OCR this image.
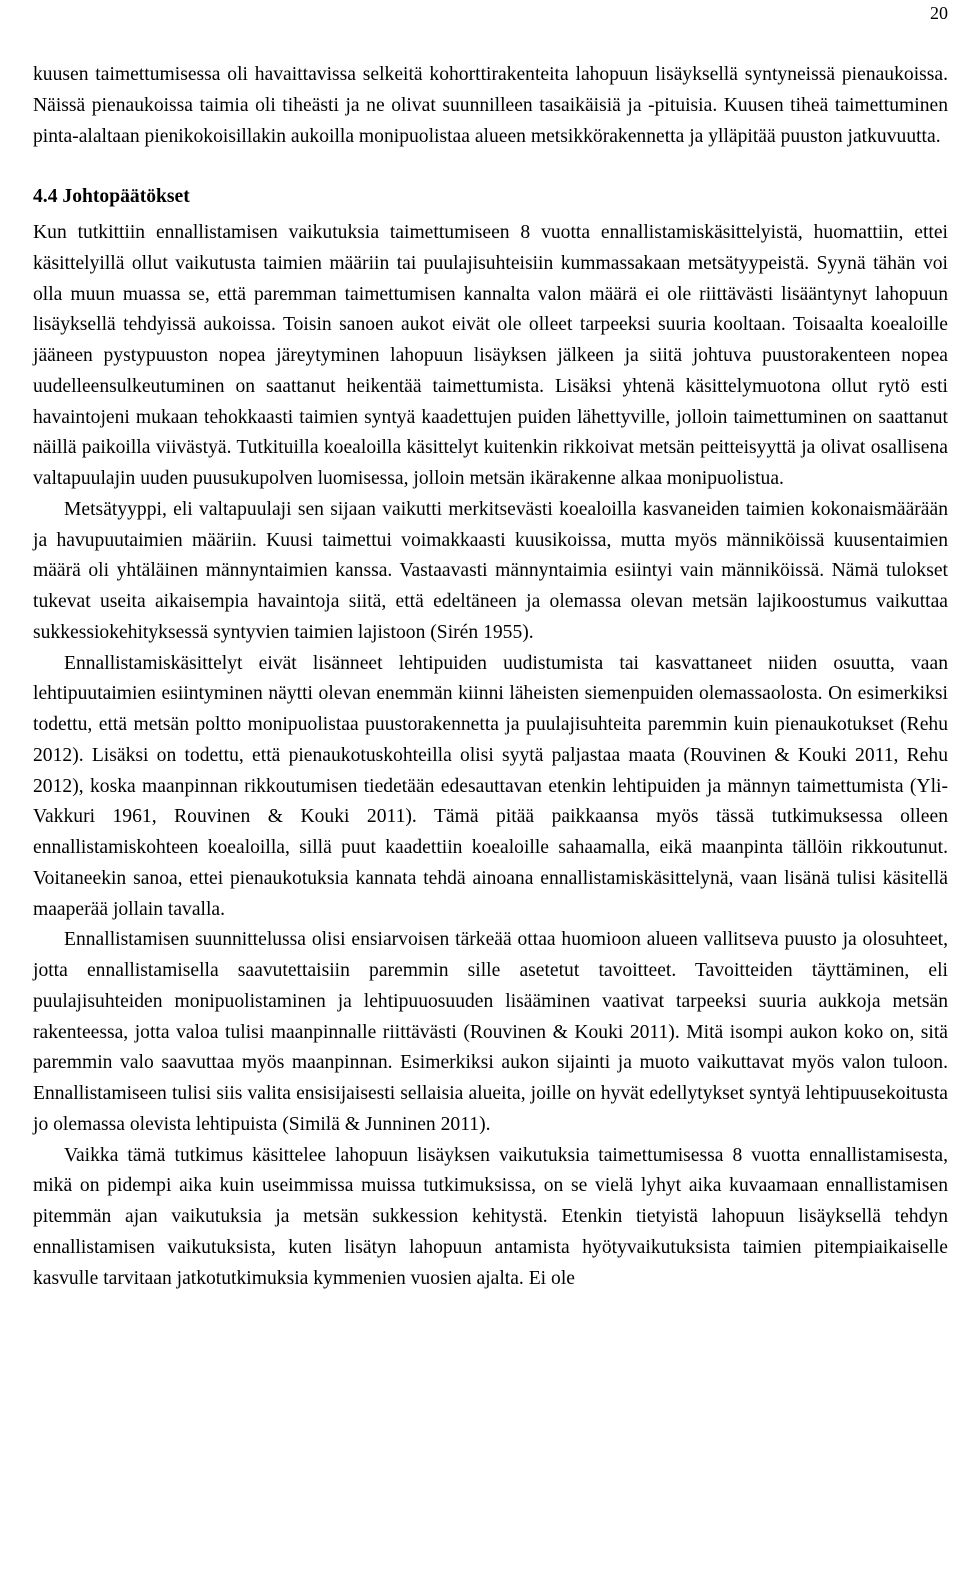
20

kuusen taimettumisessa oli havaittavissa selkeitä kohorttirakenteita lahopuun lisäyksellä syntyneissä pienaukoissa. Näissä pienaukoissa taimia oli tiheästi ja ne olivat suunnilleen tasaikäisiä ja -pituisia. Kuusen tiheä taimettuminen pinta-alaltaan pienikokoisillakin aukoilla monipuolistaa alueen metsikkörakennetta ja ylläpitää puuston jatkuvuutta.

4.4 Johtopäätökset

Kun tutkittiin ennallistamisen vaikutuksia taimettumiseen 8 vuotta ennallistamiskäsittelyistä, huomattiin, ettei käsittelyillä ollut vaikutusta taimien määriin tai puulajisuhteisiin kummassakaan metsätyypeistä. Syynä tähän voi olla muun muassa se, että paremman taimettumisen kannalta valon määrä ei ole riittävästi lisääntynyt lahopuun lisäyksellä tehdyissä aukoissa. Toisin sanoen aukot eivät ole olleet tarpeeksi suuria kooltaan. Toisaalta koealoille jääneen pystypuuston nopea järeytyminen lahopuun lisäyksen jälkeen ja siitä johtuva puustorakenteen nopea uudelleensulkeutuminen on saattanut heikentää taimettumista. Lisäksi yhtenä käsittelymuotona ollut rytö esti havaintojeni mukaan tehokkaasti taimien syntyä kaadettujen puiden lähettyville, jolloin taimettuminen on saattanut näillä paikoilla viivästyä. Tutkituilla koealoilla käsittelyt kuitenkin rikkoivat metsän peitteisyyttä ja olivat osallisena valtapuulajin uuden puusukupolven luomisessa, jolloin metsän ikärakenne alkaa monipuolistua.

Metsätyyppi, eli valtapuulaji sen sijaan vaikutti merkitsevästi koealoilla kasvaneiden taimien kokonaismäärään ja havupuutaimien määriin. Kuusi taimettui voimakkaasti kuusikoissa, mutta myös männiköissä kuusentaimien määrä oli yhtäläinen männyntaimien kanssa. Vastaavasti männyntaimia esiintyi vain männiköissä. Nämä tulokset tukevat useita aikaisempia havaintoja siitä, että edeltäneen ja olemassa olevan metsän lajikoostumus vaikuttaa sukkessiokehityksessä syntyvien taimien lajistoon (Sirén 1955).

Ennallistamiskäsittelyt eivät lisänneet lehtipuiden uudistumista tai kasvattaneet niiden osuutta, vaan lehtipuutaimien esiintyminen näytti olevan enemmän kiinni läheisten siemenpuiden olemassaolosta. On esimerkiksi todettu, että metsän poltto monipuolistaa puustorakennetta ja puulajisuhteita paremmin kuin pienaukotukset (Rehu 2012). Lisäksi on todettu, että pienaukotuskohteilla olisi syytä paljastaa maata (Rouvinen & Kouki 2011, Rehu 2012), koska maanpinnan rikkoutumisen tiedetään edesauttavan etenkin lehtipuiden ja männyn taimettumista (Yli-Vakkuri 1961, Rouvinen & Kouki 2011). Tämä pitää paikkaansa myös tässä tutkimuksessa olleen ennallistamiskohteen koealoilla, sillä puut kaadettiin koealoille sahaamalla, eikä maanpinta tällöin rikkoutunut. Voitaneekin sanoa, ettei pienaukotuksia kannata tehdä ainoana ennallistamiskäsittelynä, vaan lisänä tulisi käsitellä maaperää jollain tavalla.

Ennallistamisen suunnittelussa olisi ensiarvoisen tärkeää ottaa huomioon alueen vallitseva puusto ja olosuhteet, jotta ennallistamisella saavutettaisiin paremmin sille asetetut tavoitteet. Tavoitteiden täyttäminen, eli puulajisuhteiden monipuolistaminen ja lehtipuuosuuden lisääminen vaativat tarpeeksi suuria aukkoja metsän rakenteessa, jotta valoa tulisi maanpinnalle riittävästi (Rouvinen & Kouki 2011). Mitä isompi aukon koko on, sitä paremmin valo saavuttaa myös maanpinnan. Esimerkiksi aukon sijainti ja muoto vaikuttavat myös valon tuloon. Ennallistamiseen tulisi siis valita ensisijaisesti sellaisia alueita, joille on hyvät edellytykset syntyä lehtipuusekoitusta jo olemassa olevista lehtipuista (Similä & Junninen 2011).

Vaikka tämä tutkimus käsittelee lahopuun lisäyksen vaikutuksia taimettumisessa 8 vuotta ennallistamisesta, mikä on pidempi aika kuin useimmissa muissa tutkimuksissa, on se vielä lyhyt aika kuvaamaan ennallistamisen pitemmän ajan vaikutuksia ja metsän sukkession kehitystä. Etenkin tietyistä lahopuun lisäyksellä tehdyn ennallistamisen vaikutuksista, kuten lisätyn lahopuun antamista hyötyvaikutuksista taimien pitempiaikaiselle kasvulle tarvitaan jatkotutkimuksia kymmenien vuosien ajalta. Ei ole
